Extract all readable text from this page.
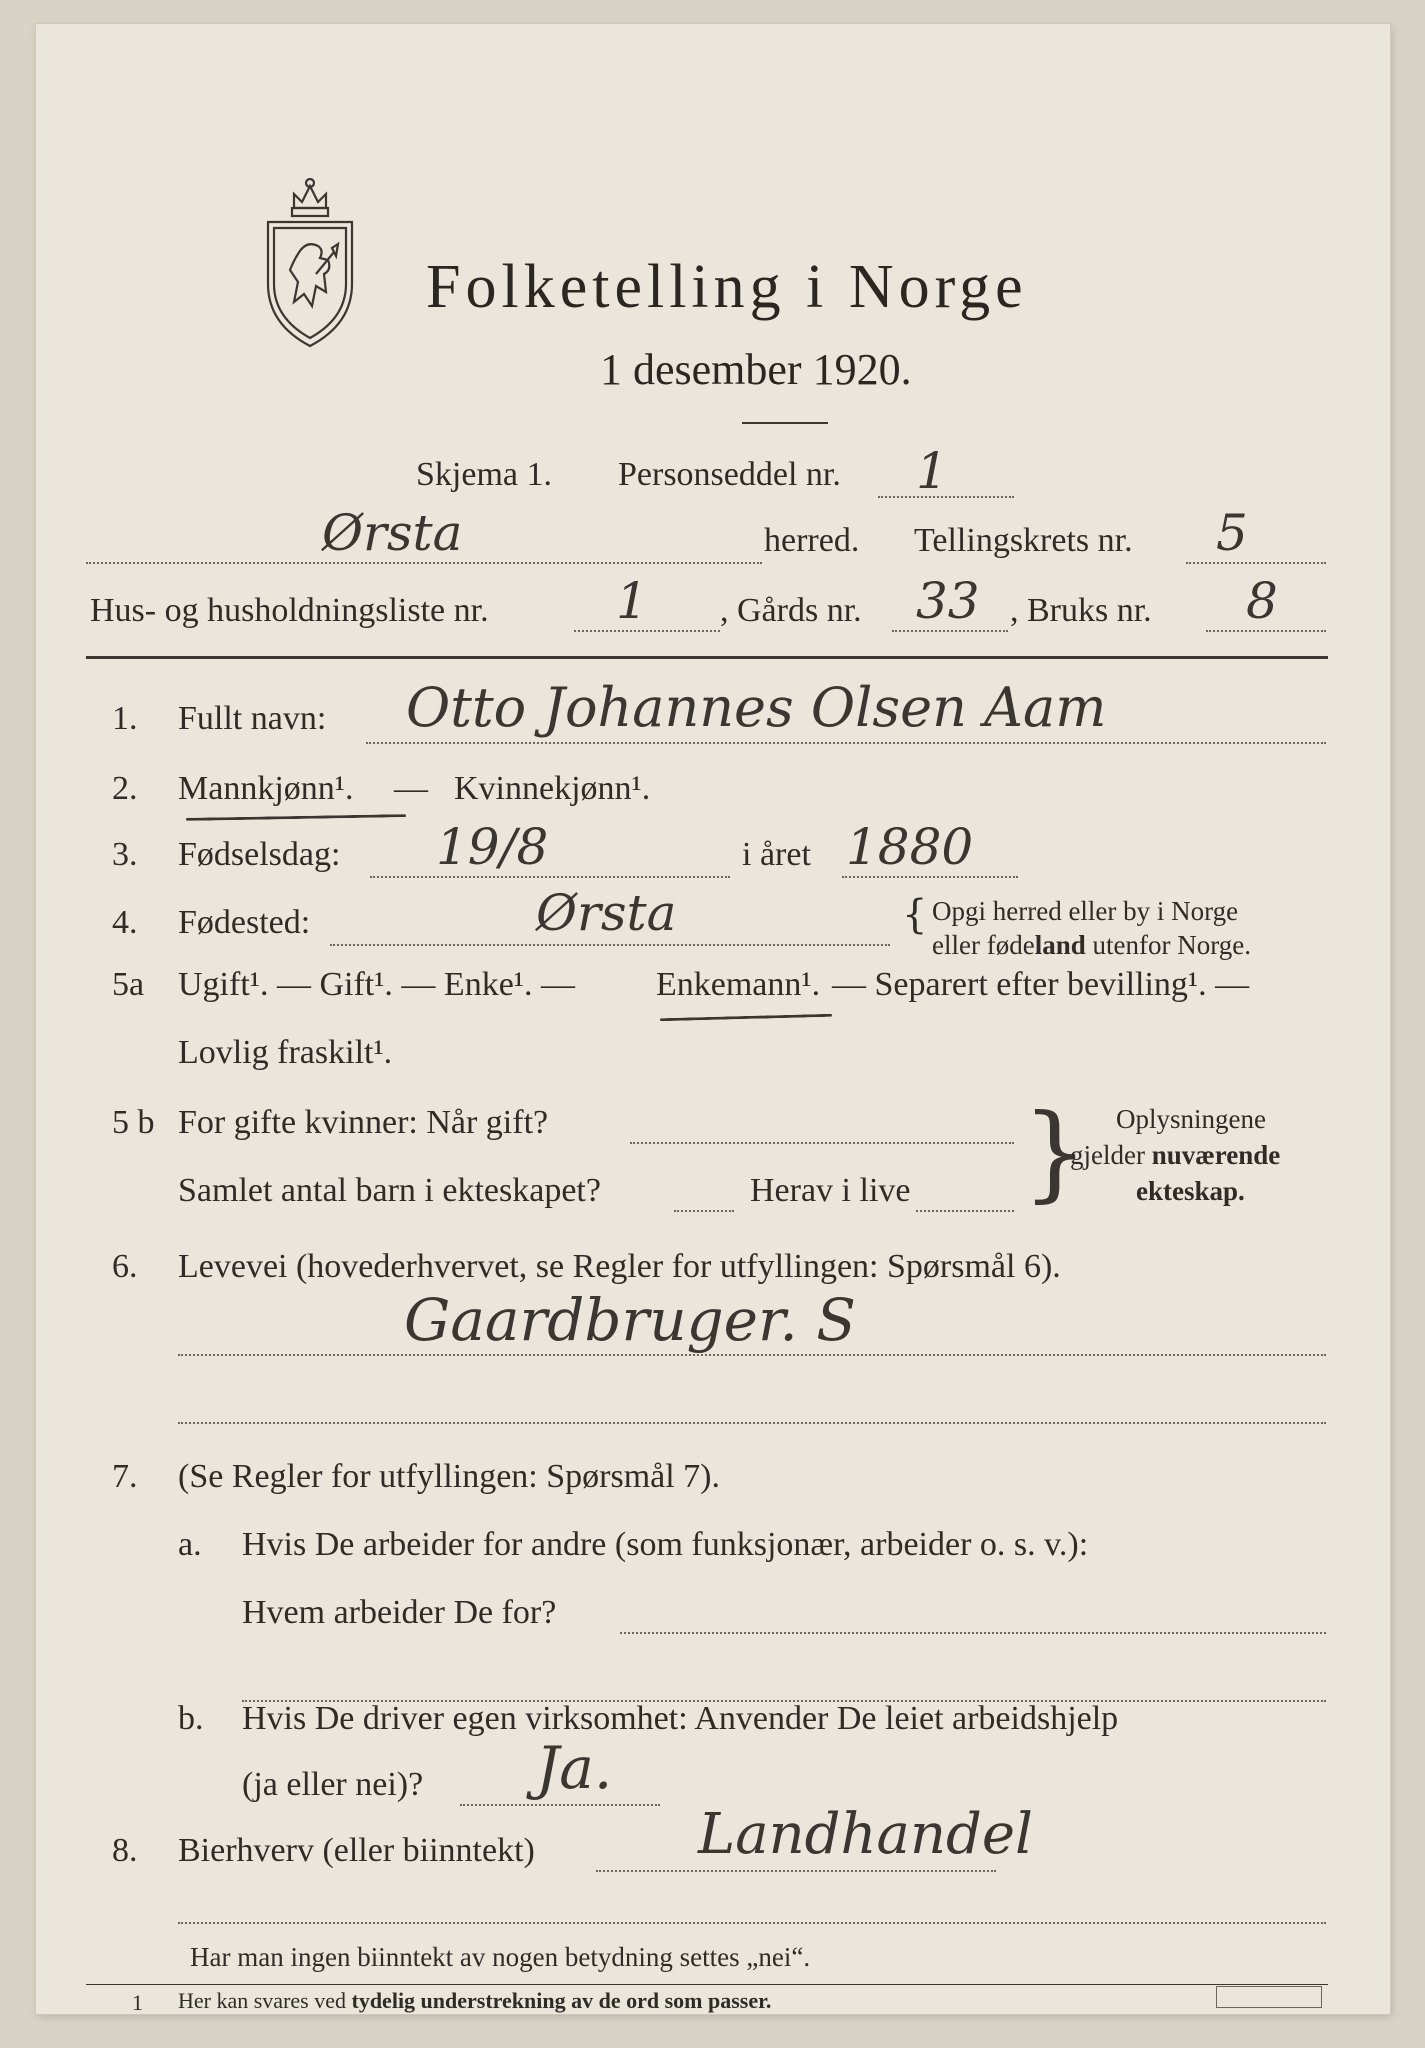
Folketelling i Norge
1 desember 1920.
Skjema 1. Personseddel nr. 1
Ørsta	herred. Tellingskrets nr. 5
Hus- og husholdningsliste nr.	1 , Gårds nr. 33 , Bruks nr. 8
1. Fullt navn: Otto Johannes Olsen Aam
2. Mannkjønn¹. — Kvinnekjønn¹.
3. Fødselsdag: 19/8	i året 1880
4. Fødested:	Ørsta	{ Opgi herred eller by i Norge
eller fødeland utenfor Norge.
5a Ugift¹. — Gift¹. — Enke¹. — Enkemann¹. — Separert efter bevilling¹. —
Lovlig fraskilt¹.
5 b For gifte kvinner: Når gift?
Samlet antal barn i ekteskapet?	Herav i live } Oplysningene
gjelder nuværende
ekteskap.
6. Levevei (hovederhvervet, se Regler for utfyllingen: Spørsmål 6).
Gaardbruger. S
7. (Se Regler for utfyllingen: Spørsmål 7).
a. Hvis De arbeider for andre (som funksjonær, arbeider o. s. v.):
Hvem arbeider De for?
b. Hvis De driver egen virksomhet: Anvender De leiet arbeidshjelp
(ja eller nei)? Ja.
8. Bierhverv (eller biinntekt)	Landhandel
Har man ingen biinntekt av nogen betydning settes „nei“.
1 Her kan svares ved tydelig understrekning av de ord som passer.
